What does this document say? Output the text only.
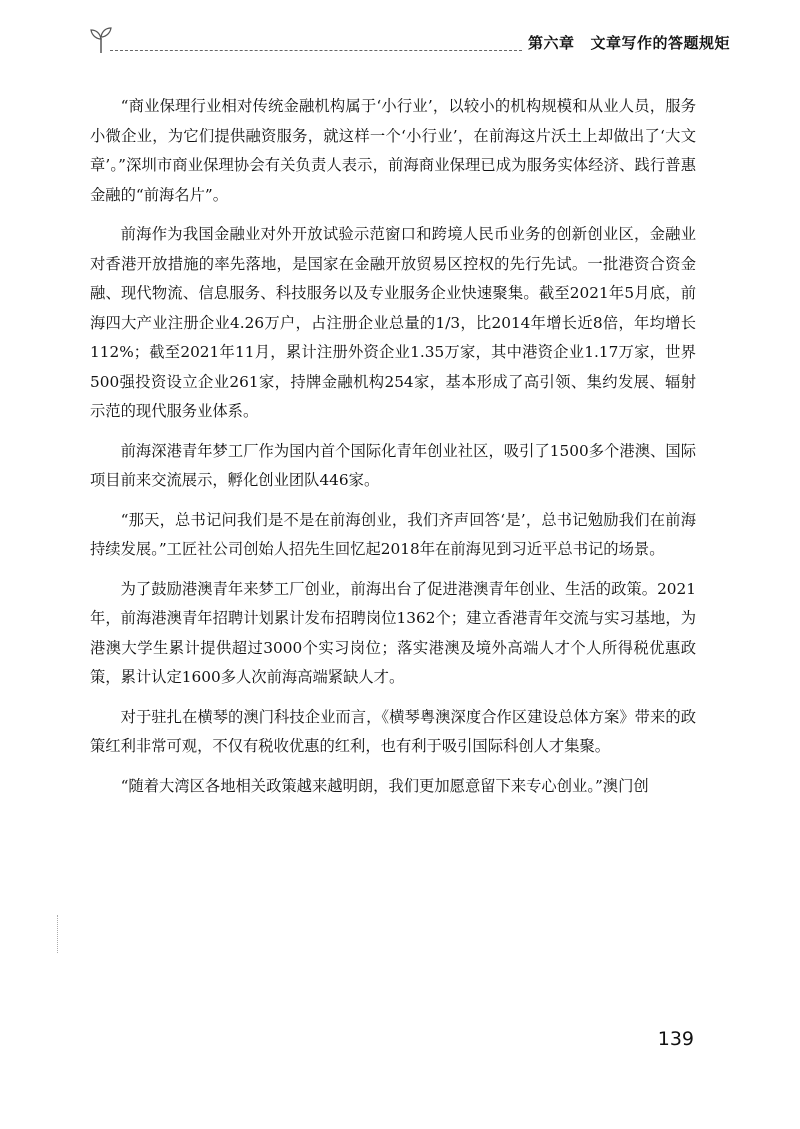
第六章 文章写作的答题规矩

“商业保理行业相对传统金融机构属于‘小行业’，以较小的机构规模和从业人员，服务小微企业，为它们提供融资服务，就这样一个‘小行业’，在前海这片沃土上却做出了‘大文章’。”深圳市商业保理协会有关负责人表示，前海商业保理已成为服务实体经济、践行普惠金融的“前海名片”。

前海作为我国金融业对外开放试验示范窗口和跨境人民币业务的创新创业区，金融业对香港开放措施的率先落地，是国家在金融开放贸易区控权的先行先试。一批港资合资金融、现代物流、信息服务、科技服务以及专业服务企业快速聚集。截至2021年5月底，前海四大产业注册企业4.26万户，占注册企业总量的1/3，比2014年增长近8倍，年均增长112%；截至2021年11月，累计注册外资企业1.35万家，其中港资企业1.17万家，世界500强投资设立企业261家，持牌金融机构254家，基本形成了高引领、集约发展、辐射示范的现代服务业体系。

前海深港青年梦工厂作为国内首个国际化青年创业社区，吸引了1500多个港澳、国际项目前来交流展示，孵化创业团队446家。

“那天，总书记问我们是不是在前海创业，我们齐声回答‘是’，总书记勉励我们在前海持续发展。”工匠社公司创始人招先生回忆起2018年在前海见到习近平总书记的场景。

为了鼓励港澳青年来梦工厂创业，前海出台了促进港澳青年创业、生活的政策。2021年，前海港澳青年招聘计划累计发布招聘岗位1362个；建立香港青年交流与实习基地，为港澳大学生累计提供超过3000个实习岗位；落实港澳及境外高端人才个人所得税优惠政策，累计认定1600多人次前海高端紧缺人才。

对于驻扎在横琴的澳门科技企业而言，《横琴粤澳深度合作区建设总体方案》带来的政策红利非常可观，不仅有税收优惠的红利，也有利于吸引国际科创人才集聚。

“随着大湾区各地相关政策越来越明朗，我们更加愿意留下来专心创业。”澳门创

139
